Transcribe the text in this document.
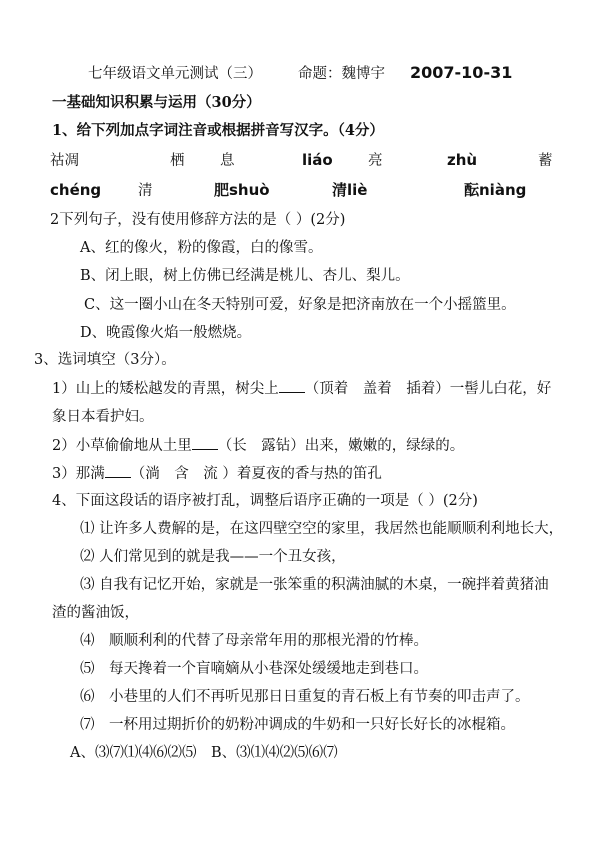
七年级语文单元测试（三） 命题：魏博宇 2007-10-31
一基础知识积累与运用（30分）
1、给下列加点字词注音或根据拼音写汉字。（4分）
祜凋	栖 息	liáo 亮	zhù	蓄
chéng	清	肥shuò	清liè	酝niàng
2下列句子，没有使用修辞方法的是（ ）(2分)
A、红的像火，粉的像霞，白的像雪。
B、闭上眼，树上仿佛已经满是桃儿、杏儿、梨儿。
C、这一圈小山在冬天特别可爱，好象是把济南放在一个小摇篮里。
D、晚霞像火焰一般燃烧。
3、选词填空（3分）。
1）山上的矮松越发的青黑，树尖上 （顶着　盖着　插着）一髻儿白花，好
象日本看护妇。
2）小草偷偷地从土里 （长　露钻）出来，嫩嫩的，绿绿的。
3）那满 （淌　含　流 ）着夏夜的香与热的笛孔
4、下面这段话的语序被打乱，调整后语序正确的一项是（ ）(2分)
⑴ 让许多人费解的是，在这四壁空空的家里，我居然也能顺顺利利地长大，
⑵ 人们常见到的就是我——一个丑女孩，
⑶ 自我有记忆开始，家就是一张笨重的积满油腻的木桌，一碗拌着黄猪油
渣的酱油饭，
⑷　顺顺利利的代替了母亲常年用的那根光滑的竹棒。
⑸　每天搀着一个盲嘀嫡从小巷深处缓缓地走到巷口。
⑹　小巷里的人们不再听见那日日重复的青石板上有节奏的叩击声了。
⑺　一杯用过期折价的奶粉冲调成的牛奶和一只好长好长的冰棍箱。
A、⑶⑺⑴⑷⑹⑵⑸　B、⑶⑴⑷⑵⑸⑹⑺
